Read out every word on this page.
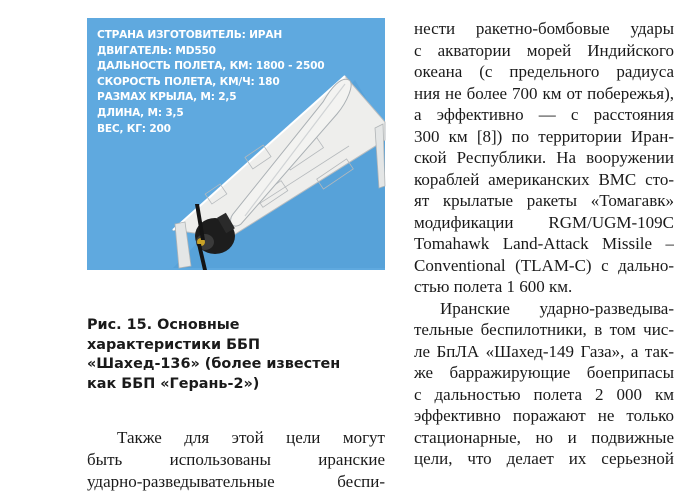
СТРАНА ИЗГОТОВИТЕЛЬ: ИРАН
ДВИГАТЕЛЬ: MD550
ДАЛЬНОСТЬ ПОЛЕТА, КМ: 1800 - 2500
СКОРОСТЬ ПОЛЕТА, КМ/Ч: 180
РАЗМАХ КРЫЛА, М: 2,5
ДЛИНА, М: 3,5
ВЕС, КГ: 200

Рис. 15. Основные
характеристики ББП
«Шахед-136» (более известен
как ББП «Герань-2»)

Также для этой цели могут
быть использованы иранские
ударно-разведывательные беспи-
нести ракетно-бомбовые удары
с акватории морей Индийского
океана (с предельного радиуса
ния не более 700 км от побережья),
а эффективно — с расстояния
300 км [8]) по территории Иран-
ской Республики. На вооружении
кораблей американских ВМС сто-
ят крылатые ракеты «Томагавк»
модификации RGM/UGM-109C
Tomahawk Land-Attack Missile –
Conventional (TLAM-C) с дально-
стью полета 1 600 км.
Иранские ударно-разведыва-
тельные беспилотники, в том чис-
ле БпЛА «Шахед-149 Газа», а так-
же барражирующие боеприпасы
с дальностью полета 2 000 км
эффективно поражают не только
стационарные, но и подвижные
цели, что делает их серьезной
